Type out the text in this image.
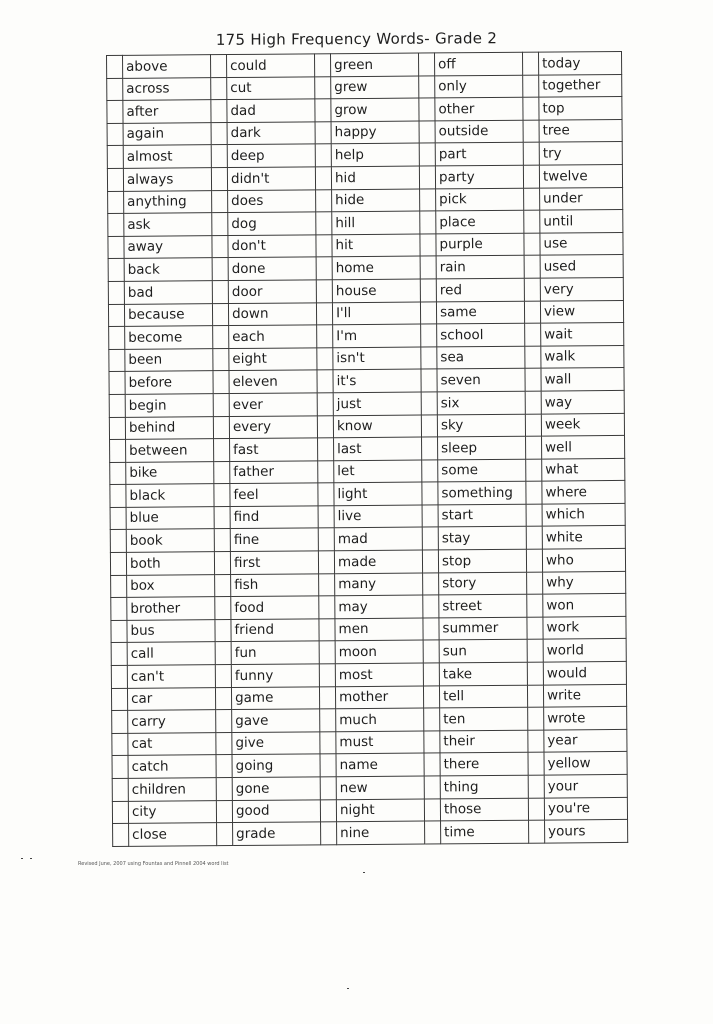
175 High Frequency Words- Grade 2
	above		could		green		off		today
	across		cut		grew		only		together
	after		dad		grow		other		top
	again		dark		happy		outside		tree
	almost		deep		help		part		try
	always		didn't		hid		party		twelve
	anything		does		hide		pick		under
	ask		dog		hill		place		until
	away		don't		hit		purple		use
	back		done		home		rain		used
	bad		door		house		red		very
	because		down		I'll		same		view
	become		each		I'm		school		wait
	been		eight		isn't		sea		walk
	before		eleven		it's		seven		wall
	begin		ever		just		six		way
	behind		every		know		sky		week
	between		fast		last		sleep		well
	bike		father		let		some		what
	black		feel		light		something		where
	blue		find		live		start		which
	book		fine		mad		stay		white
	both		first		made		stop		who
	box		fish		many		story		why
	brother		food		may		street		won
	bus		friend		men		summer		work
	call		fun		moon		sun		world
	can't		funny		most		take		would
	car		game		mother		tell		write
	carry		gave		much		ten		wrote
	cat		give		must		their		year
	catch		going		name		there		yellow
	children		gone		new		thing		your
	city		good		night		those		you're
	close		grade		nine		time		yours
Revised June, 2007 using Fountas and Pinnell 2004 word list
